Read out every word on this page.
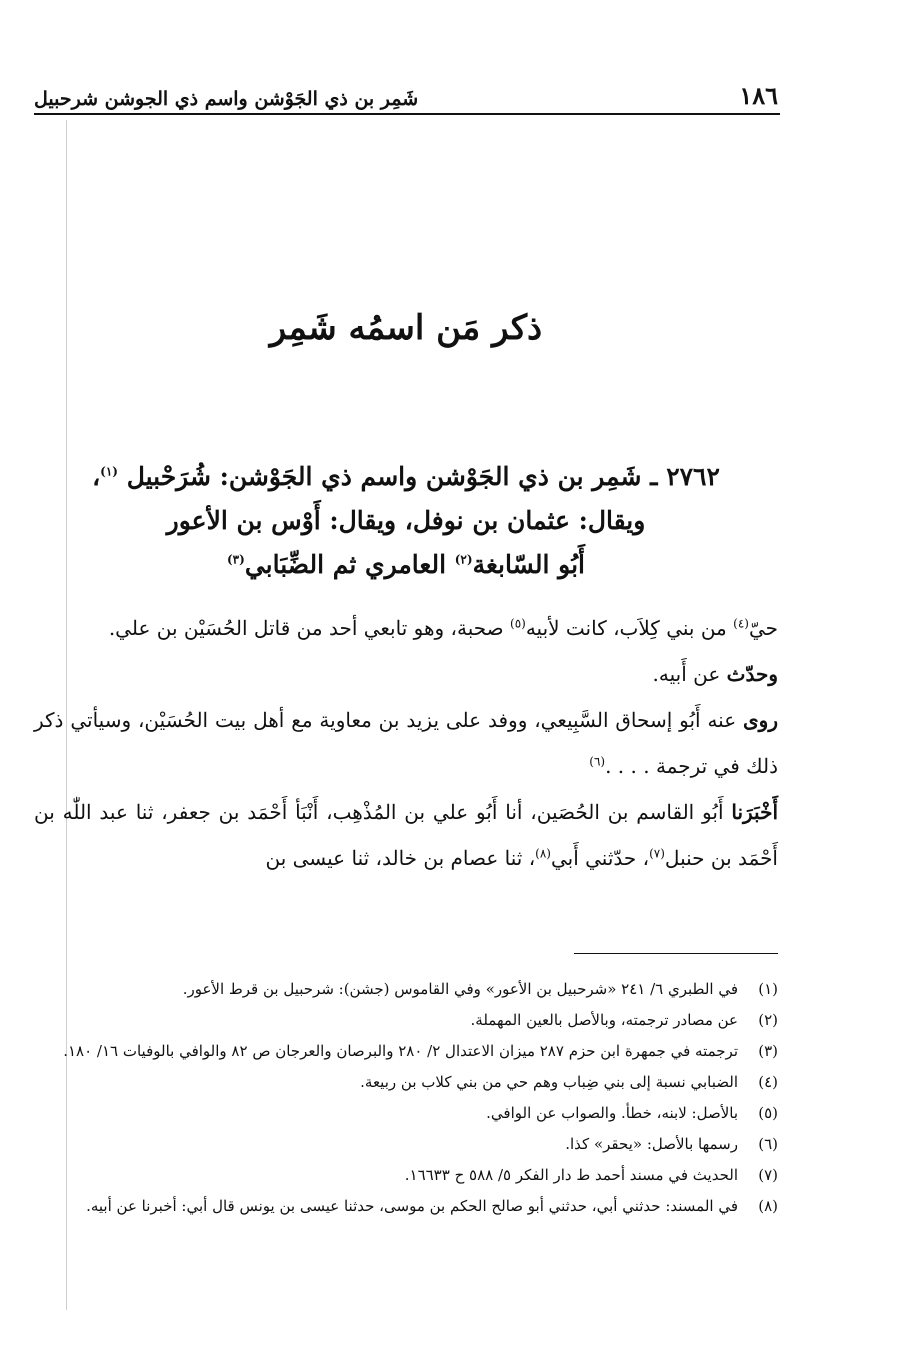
١٨٦
شَمِر بن ذي الجَوْشن واسم ذي الجوشن شرحبيل
ذكر مَن اسمُه شَمِر
٢٧٦٢ ـ شَمِر بن ذي الجَوْشن واسم ذي الجَوْشن: شُرَحْبيل $^{(١)}$،
ويقال: عثمان بن نوفل، ويقال: أَوْس بن الأعور
أَبُو السّابغة$^{(٢)}$ العامري ثم الضِّبَابي$^{(٣)}$

حيّ$^{(٤)}$ من بني كِلاَب، كانت لأبيه$^{(٥)}$ صحبة، وهو تابعي أحد من قاتل الحُسَيْن بن علي.

وحدّث عن أَبيه.

روى عنه أَبُو إسحاق السَّبِيعي، ووفد على يزيد بن معاوية مع أهل بيت الحُسَيْن، وسيأتي ذكر ذلك في ترجمة . . . .$^{(٦)}$

أَخْبَرَنا أَبُو القاسم بن الحُصَين، أنا أَبُو علي بن المُذْهِب، أَنْبَأ أَحْمَد بن جعفر، ثنا عبد اللّٰه بن أَحْمَد بن حنبل$^{(٧)}$، حدّثني أَبي$^{(٨)}$، ثنا عصام بن خالد، ثنا عيسى بن

(١)
في الطبري ٦/ ٢٤١ «شرحبيل بن الأعور» وفي القاموس (جشن): شرحبيل بن قرط الأعور.
(٢)
عن مصادر ترجمته، وبالأصل بالعين المهملة.
(٣)
ترجمته في جمهرة ابن حزم ٢٨٧ ميزان الاعتدال ٢/ ٢٨٠ والبرصان والعرجان ص ٨٢ والوافي بالوفيات ١٦/ ١٨٠.
(٤)
الضبابي نسبة إلى بني ضِباب وهم حي من بني كلاب بن ربيعة.
(٥)
بالأصل: لابنه، خطأ. والصواب عن الوافي.
(٦)
رسمها بالأصل: «يحقر» كذا.
(٧)
الحديث في مسند أحمد ط دار الفكر ٥/ ٥٨٨ ح ١٦٦٣٣.
(٨)
في المسند: حدثني أبي، حدثني أبو صالح الحكم بن موسى، حدثنا عيسى بن يونس قال أبي: أخبرنا عن أبيه.
